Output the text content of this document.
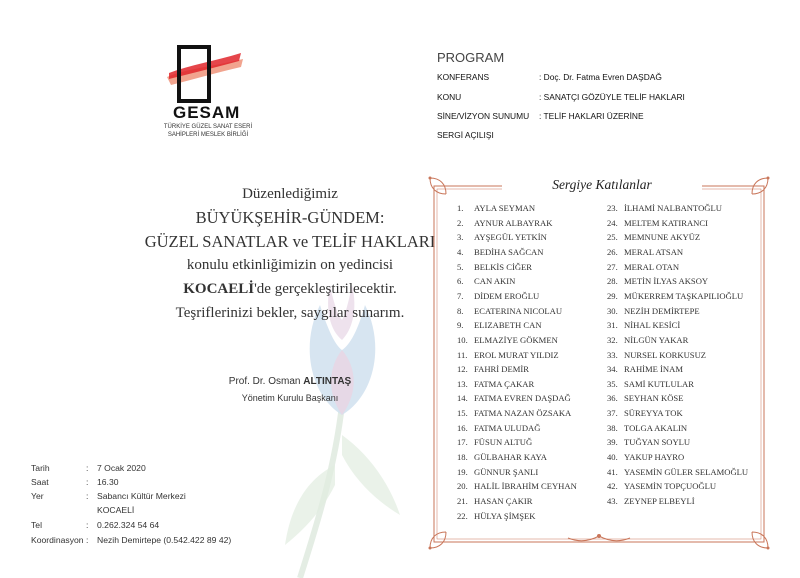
GESAM
TÜRKİYE GÜZEL SANAT ESERİ
SAHİPLERİ MESLEK BİRLİĞİ
Düzenlediğimiz
BÜYÜKŞEHİR-GÜNDEM:
GÜZEL SANATLAR ve TELİF HAKLARI
konulu etkinliğimizin on yedincisi
KOCAELİ'de gerçekleştirilecektir.
Teşriflerinizi bekler, saygılar sunarım.
Prof. Dr. Osman ALTINTAŞ
Yönetim Kurulu Başkanı
Tarih	: 7 Ocak 2020
Saat	: 16.30
Yer	: Sabancı Kültür Merkezi
KOCAELİ
Tel	: 0.262.324 54 64
Koordinasyon : Nezih Demirtepe (0.542.422 89 42)
PROGRAM
KONFERANS	: Doç. Dr. Fatma Evren DAŞDAĞ
KONU	: SANATÇI GÖZÜYLE TELİF HAKLARI
SİNE/VİZYON SUNUMU : TELİF HAKLARI ÜZERİNE
SERGİ AÇILIŞI
Sergiye Katılanlar
1. AYLA SEYMAN
2. AYNUR ALBAYRAK
3. AYŞEGÜL YETKİN
4. BEDİHA SAĞCAN
5. BELKİS CİĞER
6. CAN AKIN
7. DİDEM EROĞLU
8. ECATERINA NICOLAU
9. ELIZABETH CAN
10. ELMAZİYE GÖKMEN
11. EROL MURAT YILDIZ
12. FAHRİ DEMİR
13. FATMA ÇAKAR
14. FATMA EVREN DAŞDAĞ
15. FATMA NAZAN ÖZSAKA
16. FATMA ULUDAĞ
17. FÜSUN ALTUĞ
18. GÜLBAHAR KAYA
19. GÜNNUR ŞANLI
20. HALİL İBRAHİM CEYHAN
21. HASAN ÇAKIR
22. HÜLYA ŞİMŞEK
23. İLHAMİ NALBANTOĞLU
24. MELTEM KATIRANCI
25. MEMNUNE AKYÜZ
26. MERAL ATSAN
27. MERAL OTAN
28. METİN İLYAS AKSOY
29. MÜKERREM TAŞKAPILIOĞLU
30. NEZİH DEMİRTEPE
31. NİHAL KESİCİ
32. NİLGÜN YAKAR
33. NURSEL KORKUSUZ
34. RAHİME İNAM
35. SAMİ KUTLULAR
36. SEYHAN KÖSE
37. SÜREYYA TOK
38. TOLGA AKALIN
39. TUĞYAN SOYLU
40. YAKUP HAYRO
41. YASEMİN GÜLER SELAMOĞLU
42. YASEMİN TOPÇUOĞLU
43. ZEYNEP ELBEYLİ
